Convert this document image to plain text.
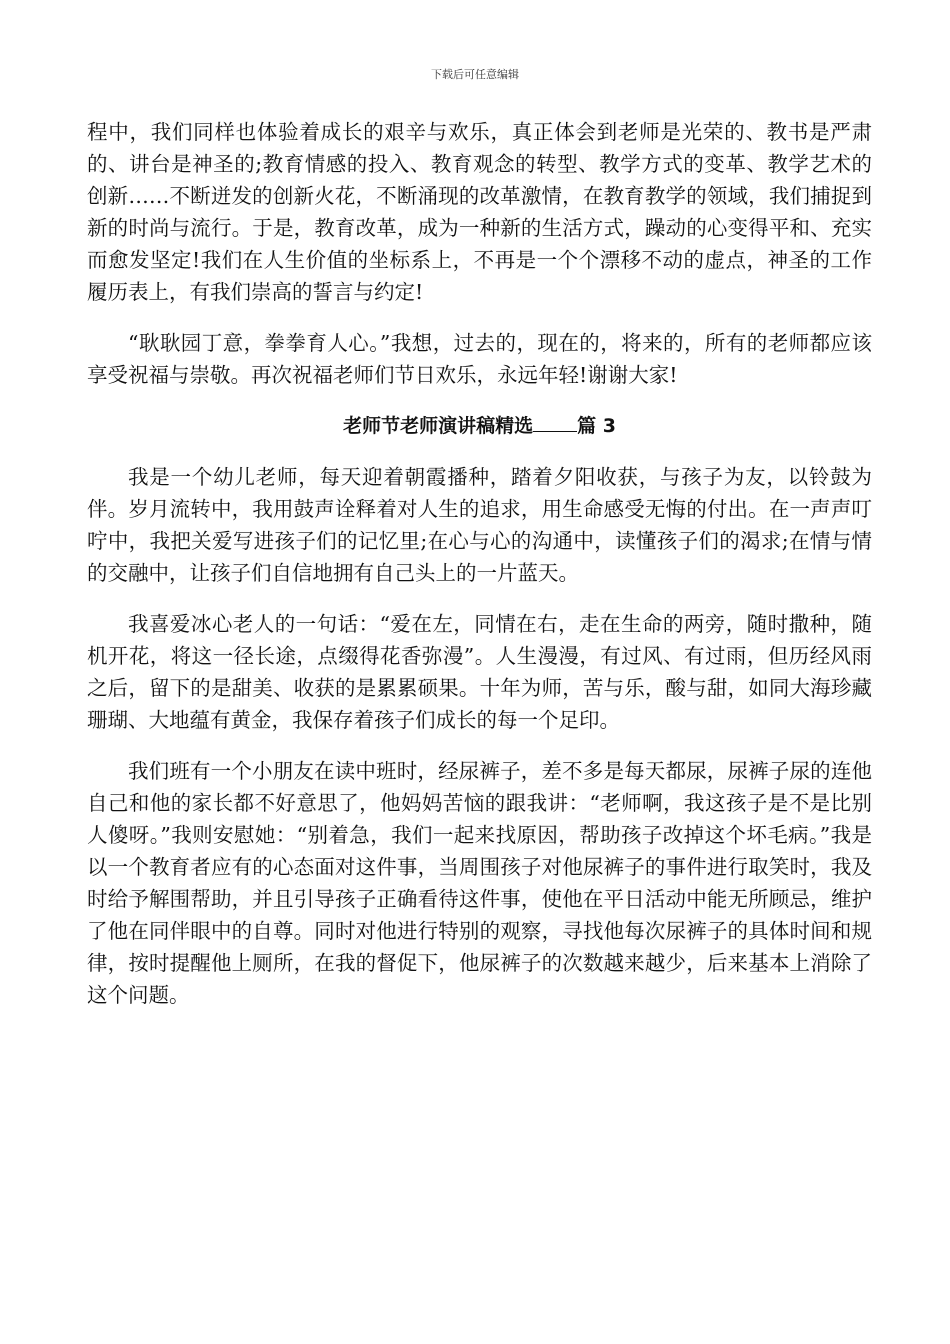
下载后可任意编辑

程中，我们同样也体验着成长的艰辛与欢乐，真正体会到老师是光荣的、教书是严肃的、讲台是神圣的;教育情感的投入、教育观念的转型、教学方式的变革、教学艺术的创新……不断迸发的创新火花，不断涌现的改革激情，在教育教学的领域，我们捕捉到新的时尚与流行。于是，教育改革，成为一种新的生活方式，躁动的心变得平和、充实而愈发坚定!我们在人生价值的坐标系上，不再是一个个漂移不动的虚点，神圣的工作履历表上，有我们崇高的誓言与约定!

“耿耿园丁意，拳拳育人心。”我想，过去的，现在的，将来的，所有的老师都应该享受祝福与崇敬。再次祝福老师们节日欢乐，永远年轻!谢谢大家!

老师节老师演讲稿精选 篇 3

我是一个幼儿老师，每天迎着朝霞播种，踏着夕阳收获，与孩子为友，以铃鼓为伴。岁月流转中，我用鼓声诠释着对人生的追求，用生命感受无悔的付出。在一声声叮咛中，我把关爱写进孩子们的记忆里;在心与心的沟通中，读懂孩子们的渴求;在情与情的交融中，让孩子们自信地拥有自己头上的一片蓝天。

我喜爱冰心老人的一句话：“爱在左，同情在右，走在生命的两旁，随时撒种，随机开花，将这一径长途，点缀得花香弥漫”。人生漫漫，有过风、有过雨，但历经风雨之后，留下的是甜美、收获的是累累硕果。十年为师，苦与乐，酸与甜，如同大海珍藏珊瑚、大地蕴有黄金，我保存着孩子们成长的每一个足印。

我们班有一个小朋友在读中班时，经尿裤子，差不多是每天都尿，尿裤子尿的连他自己和他的家长都不好意思了，他妈妈苦恼的跟我讲：“老师啊，我这孩子是不是比别人傻呀。”我则安慰她：“别着急，我们一起来找原因，帮助孩子改掉这个坏毛病。”我是以一个教育者应有的心态面对这件事，当周围孩子对他尿裤子的事件进行取笑时，我及时给予解围帮助，并且引导孩子正确看待这件事，使他在平日活动中能无所顾忌，维护了他在同伴眼中的自尊。同时对他进行特别的观察，寻找他每次尿裤子的具体时间和规律，按时提醒他上厕所，在我的督促下，他尿裤子的次数越来越少，后来基本上消除了这个问题。
